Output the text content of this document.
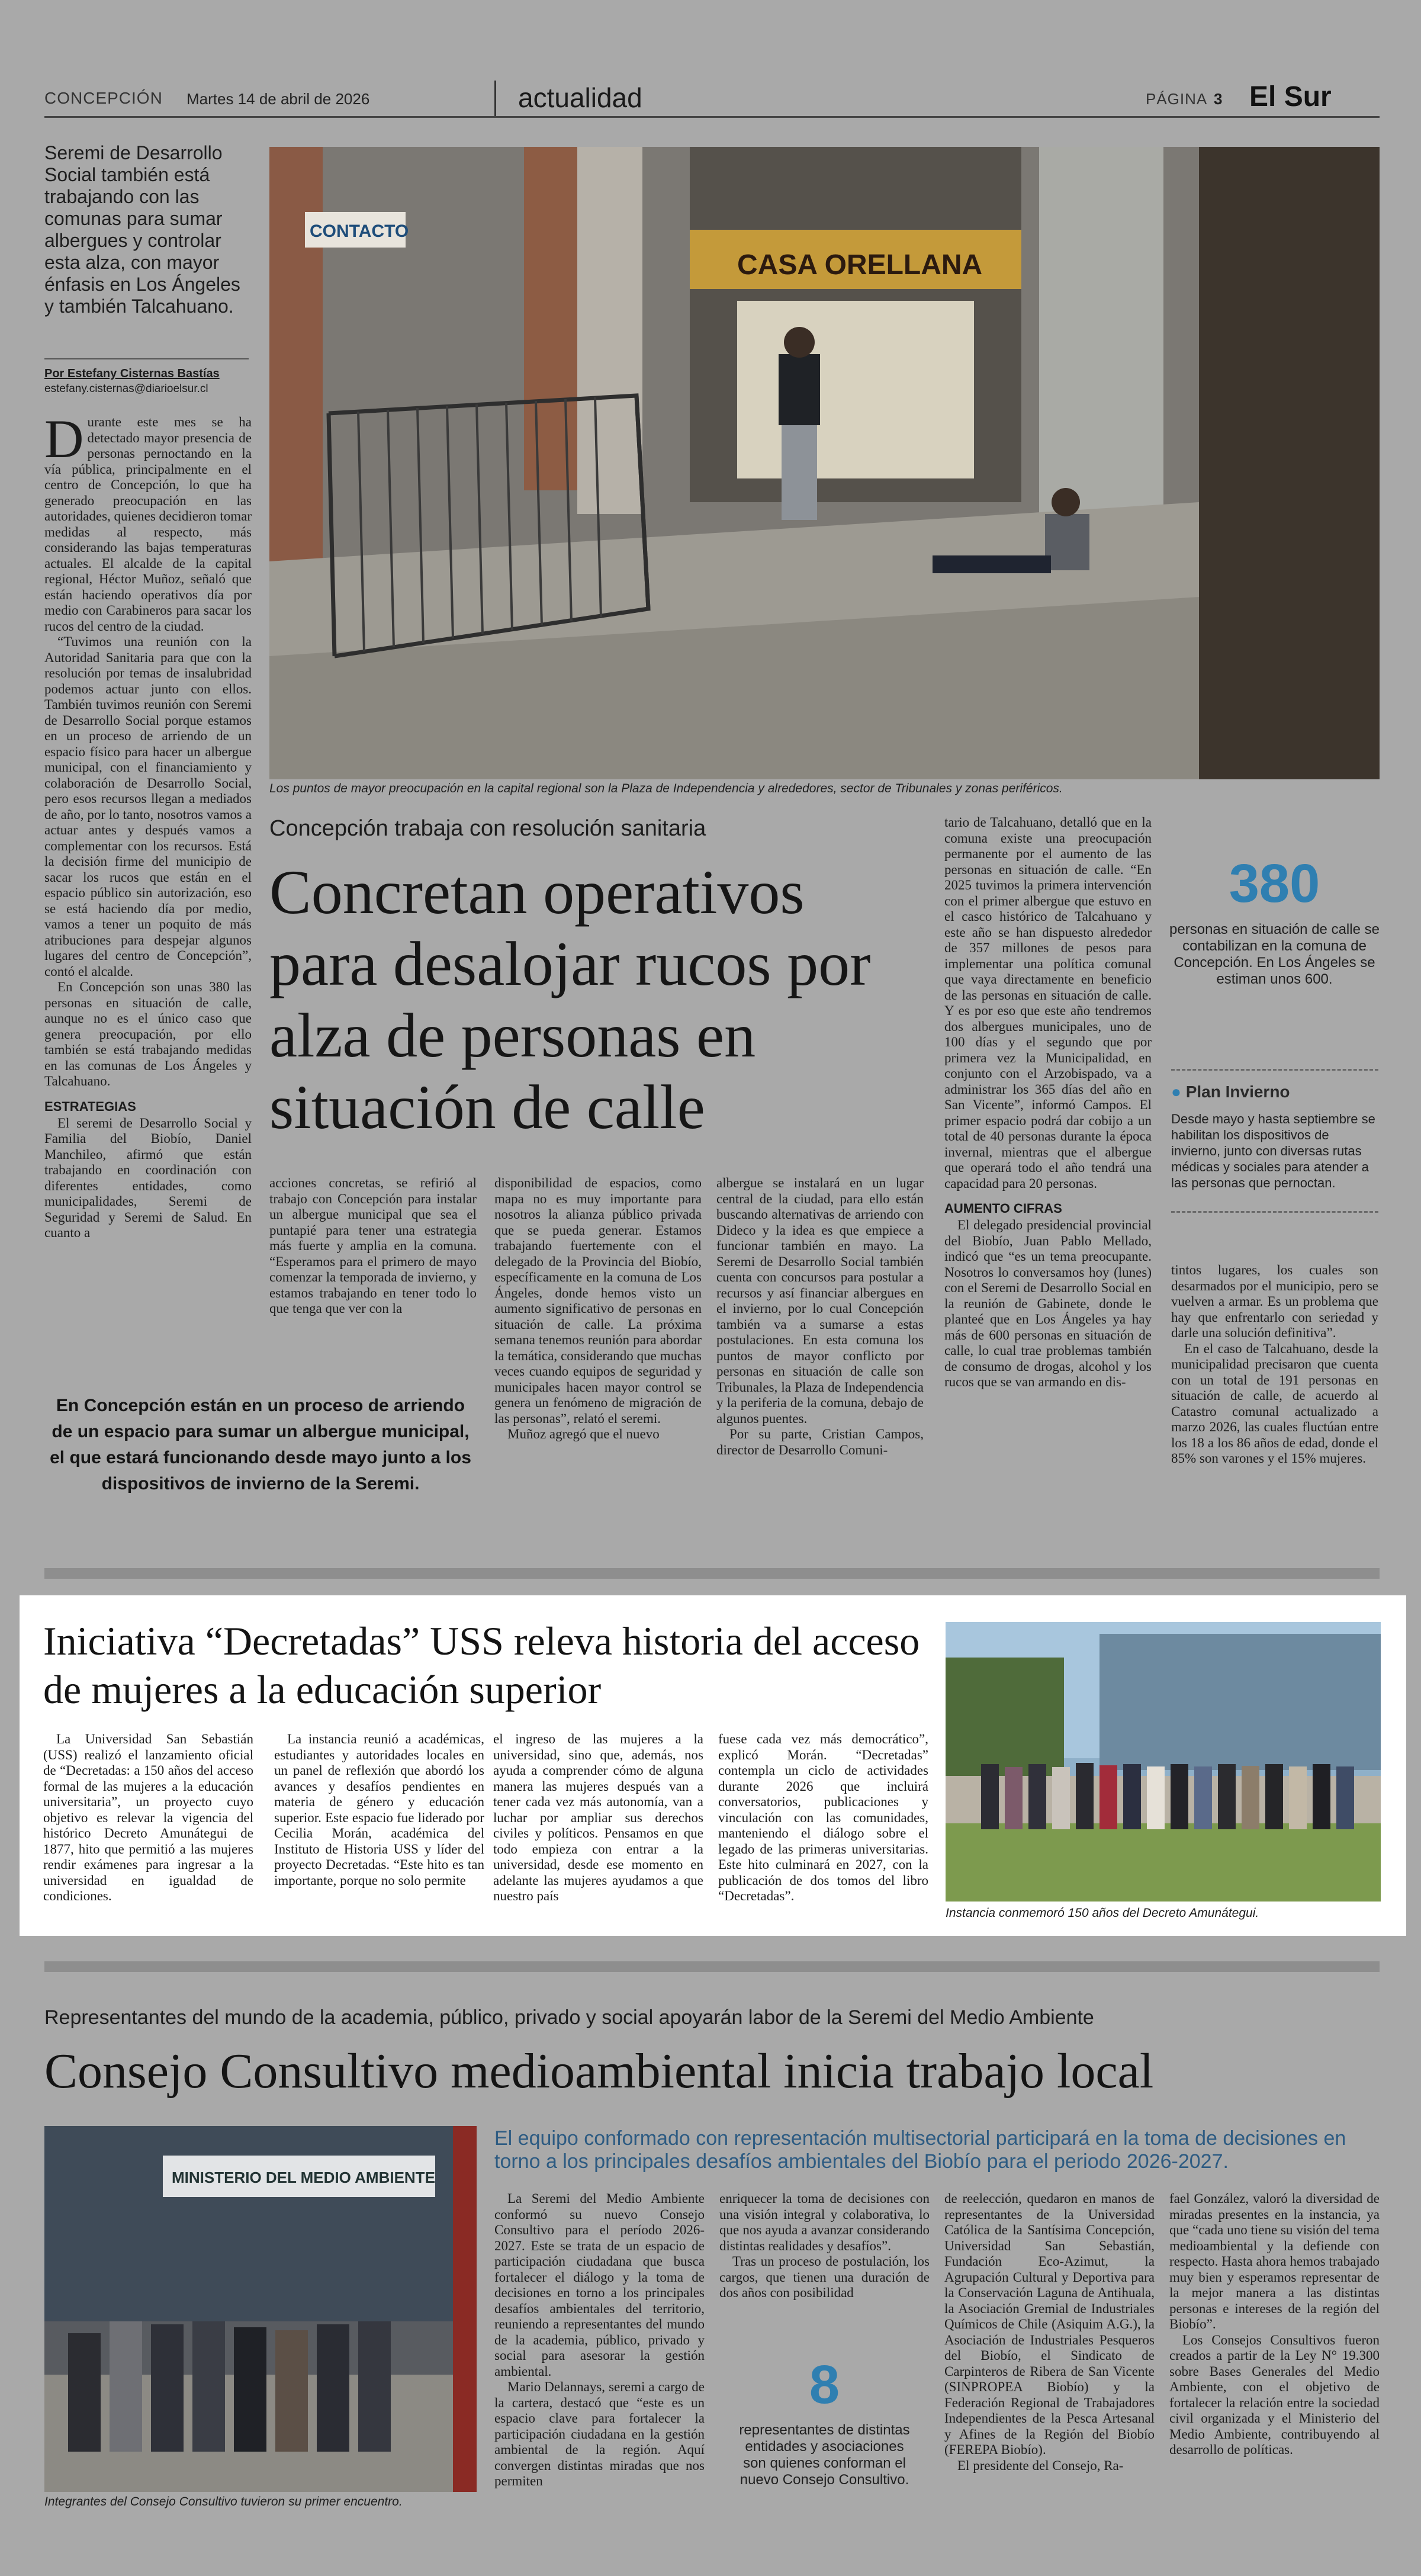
CONCEPCIÓN Martes 14 de abril de 2026	actualidad	PÁGINA 3 El Sur
Seremi de Desarrollo Social también está trabajando con las comunas para sumar albergues y controlar esta alza, con mayor énfasis en Los Ángeles y también Talcahuano.
Por Estefany Cisternas Bastías
estefany.cisternas@diarioelsur.cl
CONTACTO
CASA ORELLANA
Los puntos de mayor preocupación en la capital regional son la Plaza de Independencia y alrededores, sector de Tribunales y zonas periféricos.
Concepción trabaja con resolución sanitaria
Concretan operativos para desalojar rucos por alza de personas en situación de calle

Durante este mes se ha detectado mayor presencia de personas pernoctando en la vía pública, principalmente en el centro de Concepción, lo que ha generado preocupación en las autoridades, quienes decidieron tomar medidas al respecto, más considerando las bajas temperaturas actuales. El alcalde de la capital regional, Héctor Muñoz, señaló que están haciendo operativos día por medio con Carabineros para sacar los rucos del centro de la ciudad.

“Tuvimos una reunión con la Autoridad Sanitaria para que con la resolución por temas de insalubridad podemos actuar junto con ellos. También tuvimos reunión con Seremi de Desarrollo Social porque estamos en un proceso de arriendo de un espacio físico para hacer un albergue municipal, con el financiamiento y colaboración de Desarrollo Social, pero esos recursos llegan a mediados de año, por lo tanto, nosotros vamos a actuar antes y después vamos a complementar con los recursos. Está la decisión firme del municipio de sacar los rucos que están en el espacio público sin autorización, eso se está haciendo día por medio, vamos a tener un poquito de más atribuciones para despejar algunos lugares del centro de Concepción”, contó el alcalde.

En Concepción son unas 380 las personas en situación de calle, aunque no es el único caso que genera preocupación, por ello también se está trabajando medidas en las comunas de Los Ángeles y Talcahuano.

ESTRATEGIAS

El seremi de Desarrollo Social y Familia del Biobío, Daniel Manchileo, afirmó que están trabajando en coordinación con diferentes entidades, como municipalidades, Seremi de Seguridad y Seremi de Salud. En cuanto a

En Concepción están en un proceso de arriendo de un espacio para sumar un albergue municipal, el que estará funcionando desde mayo junto a los dispositivos de invierno de la Seremi.

acciones concretas, se refirió al trabajo con Concepción para instalar un albergue municipal que sea el puntapié para tener una estrategia más fuerte y amplia en la comuna. “Esperamos para el primero de mayo comenzar la temporada de invierno, y estamos trabajando en tener todo lo que tenga que ver con la

disponibilidad de espacios, como mapa no es muy importante para nosotros la alianza público privada que se pueda generar. Estamos trabajando fuertemente con el delegado de la Provincia del Biobío, específicamente en la comuna de Los Ángeles, donde hemos visto un aumento significativo de personas en situación de calle. La próxima semana tenemos reunión para abordar la temática, considerando que muchas veces cuando equipos de seguridad y municipales hacen mayor control se genera un fenómeno de migración de las personas”, relató el seremi.

Muñoz agregó que el nuevo

albergue se instalará en un lugar central de la ciudad, para ello están buscando alternativas de arriendo con Dideco y la idea es que empiece a funcionar también en mayo. La Seremi de Desarrollo Social también cuenta con concursos para postular a recursos y así financiar albergues en el invierno, por lo cual Concepción también va a sumarse a estas postulaciones. En esta comuna los puntos de mayor conflicto por personas en situación de calle son Tribunales, la Plaza de Independencia y la periferia de la comuna, debajo de algunos puentes.

Por su parte, Cristian Campos, director de Desarrollo Comuni-

tario de Talcahuano, detalló que en la comuna existe una preocupación permanente por el aumento de las personas en situación de calle. “En 2025 tuvimos la primera intervención con el primer albergue que estuvo en el casco histórico de Talcahuano y este año se han dispuesto alrededor de 357 millones de pesos para implementar una política comunal que vaya directamente en beneficio de las personas en situación de calle. Y es por eso que este año tendremos dos albergues municipales, uno de 100 días y el segundo que por primera vez la Municipalidad, en conjunto con el Arzobispado, va a administrar los 365 días del año en San Vicente”, informó Campos. El primer espacio podrá dar cobijo a un total de 40 personas durante la época invernal, mientras que el albergue que operará todo el año tendrá una capacidad para 20 personas.

AUMENTO CIFRAS

El delegado presidencial provincial del Biobío, Juan Pablo Mellado, indicó que “es un tema preocupante. Nosotros lo conversamos hoy (lunes) con el Seremi de Desarrollo Social en la reunión de Gabinete, donde le planteé que en Los Ángeles ya hay más de 600 personas en situación de calle, lo cual trae problemas también de consumo de drogas, alcohol y los rucos que se van armando en dis-

380
personas en situación de calle se contabilizan en la comuna de Concepción. En Los Ángeles se estiman unos 600.
● Plan Invierno
Desde mayo y hasta septiembre se habilitan los dispositivos de invierno, junto con diversas rutas médicas y sociales para atender a las personas que pernoctan.

tintos lugares, los cuales son desarmados por el municipio, pero se vuelven a armar. Es un problema que hay que enfrentarlo con seriedad y darle una solución definitiva”.

En el caso de Talcahuano, desde la municipalidad precisaron que cuenta con un total de 191 personas en situación de calle, de acuerdo al Catastro comunal actualizado a marzo 2026, las cuales fluctúan entre los 18 a los 86 años de edad, donde el 85% son varones y el 15% mujeres.

Iniciativa “Decretadas” USS releva historia del acceso de mujeres a la educación superior

La Universidad San Sebastián (USS) realizó el lanzamiento oficial de “Decretadas: a 150 años del acceso formal de las mujeres a la educación universitaria”, un proyecto cuyo objetivo es relevar la vigencia del histórico Decreto Amunátegui de 1877, hito que permitió a las mujeres rendir exámenes para ingresar a la universidad en igualdad de condiciones.

La instancia reunió a académicas, estudiantes y autoridades locales en un panel de reflexión que abordó los avances y desafíos pendientes en materia de género y educación superior. Este espacio fue liderado por Cecilia Morán, académica del Instituto de Historia USS y líder del proyecto Decretadas. “Este hito es tan importante, porque no solo permite

el ingreso de las mujeres a la universidad, sino que, además, nos ayuda a comprender cómo de alguna manera las mujeres después van a tener cada vez más autonomía, van a luchar por ampliar sus derechos civiles y políticos. Pensamos en que todo empieza con entrar a la universidad, desde ese momento en adelante las mujeres ayudamos a que nuestro país

fuese cada vez más democrático”, explicó Morán. “Decretadas” contempla un ciclo de actividades durante 2026 que incluirá conversatorios, publicaciones y vinculación con las comunidades, manteniendo el diálogo sobre el legado de las primeras universitarias. Este hito culminará en 2027, con la publicación de dos tomos del libro “Decretadas”.

Instancia conmemoró 150 años del Decreto Amunátegui.
Representantes del mundo de la academia, público, privado y social apoyarán labor de la Seremi del Medio Ambiente
Consejo Consultivo medioambiental inicia trabajo local
MINISTERIO DEL MEDIO AMBIENTE
Integrantes del Consejo Consultivo tuvieron su primer encuentro.
El equipo conformado con representación multisectorial participará en la toma de decisiones en torno a los principales desafíos ambientales del Biobío para el periodo 2026-2027.

La Seremi del Medio Ambiente conformó su nuevo Consejo Consultivo para el período 2026-2027. Este se trata de un espacio de participación ciudadana que busca fortalecer el diálogo y la toma de decisiones en torno a los principales desafíos ambientales del territorio, reuniendo a representantes del mundo de la academia, público, privado y social para asesorar la gestión ambiental.

Mario Delannays, seremi a cargo de la cartera, destacó que “este es un espacio clave para fortalecer la participación ciudadana en la gestión ambiental de la región. Aquí convergen distintas miradas que nos permiten

enriquecer la toma de decisiones con una visión integral y colaborativa, lo que nos ayuda a avanzar considerando distintas realidades y desafíos”.

Tras un proceso de postulación, los cargos, que tienen una duración de dos años con posibilidad

8
representantes de distintas entidades y asociaciones son quienes conforman el nuevo Consejo Consultivo.

de reelección, quedaron en manos de representantes de la Universidad Católica de la Santísima Concepción, Universidad San Sebastián, Fundación Eco-Azimut, la Agrupación Cultural y Deportiva para la Conservación Laguna de Antihuala, la Asociación Gremial de Industriales Químicos de Chile (Asiquim A.G.), la Asociación de Industriales Pesqueros del Biobío, el Sindicato de Carpinteros de Ribera de San Vicente (SINPROPEA Biobío) y la Federación Regional de Trabajadores Independientes de la Pesca Artesanal y Afines de la Región del Biobío (FEREPA Biobío).

El presidente del Consejo, Ra-

fael González, valoró la diversidad de miradas presentes en la instancia, ya que “cada uno tiene su visión del tema medioambiental y la defiende con respecto. Hasta ahora hemos trabajado muy bien y esperamos representar de la mejor manera a las distintas personas e intereses de la región del Biobío”.

Los Consejos Consultivos fueron creados a partir de la Ley N° 19.300 sobre Bases Generales del Medio Ambiente, con el objetivo de fortalecer la relación entre la sociedad civil organizada y el Ministerio del Medio Ambiente, contribuyendo al desarrollo de políticas.
